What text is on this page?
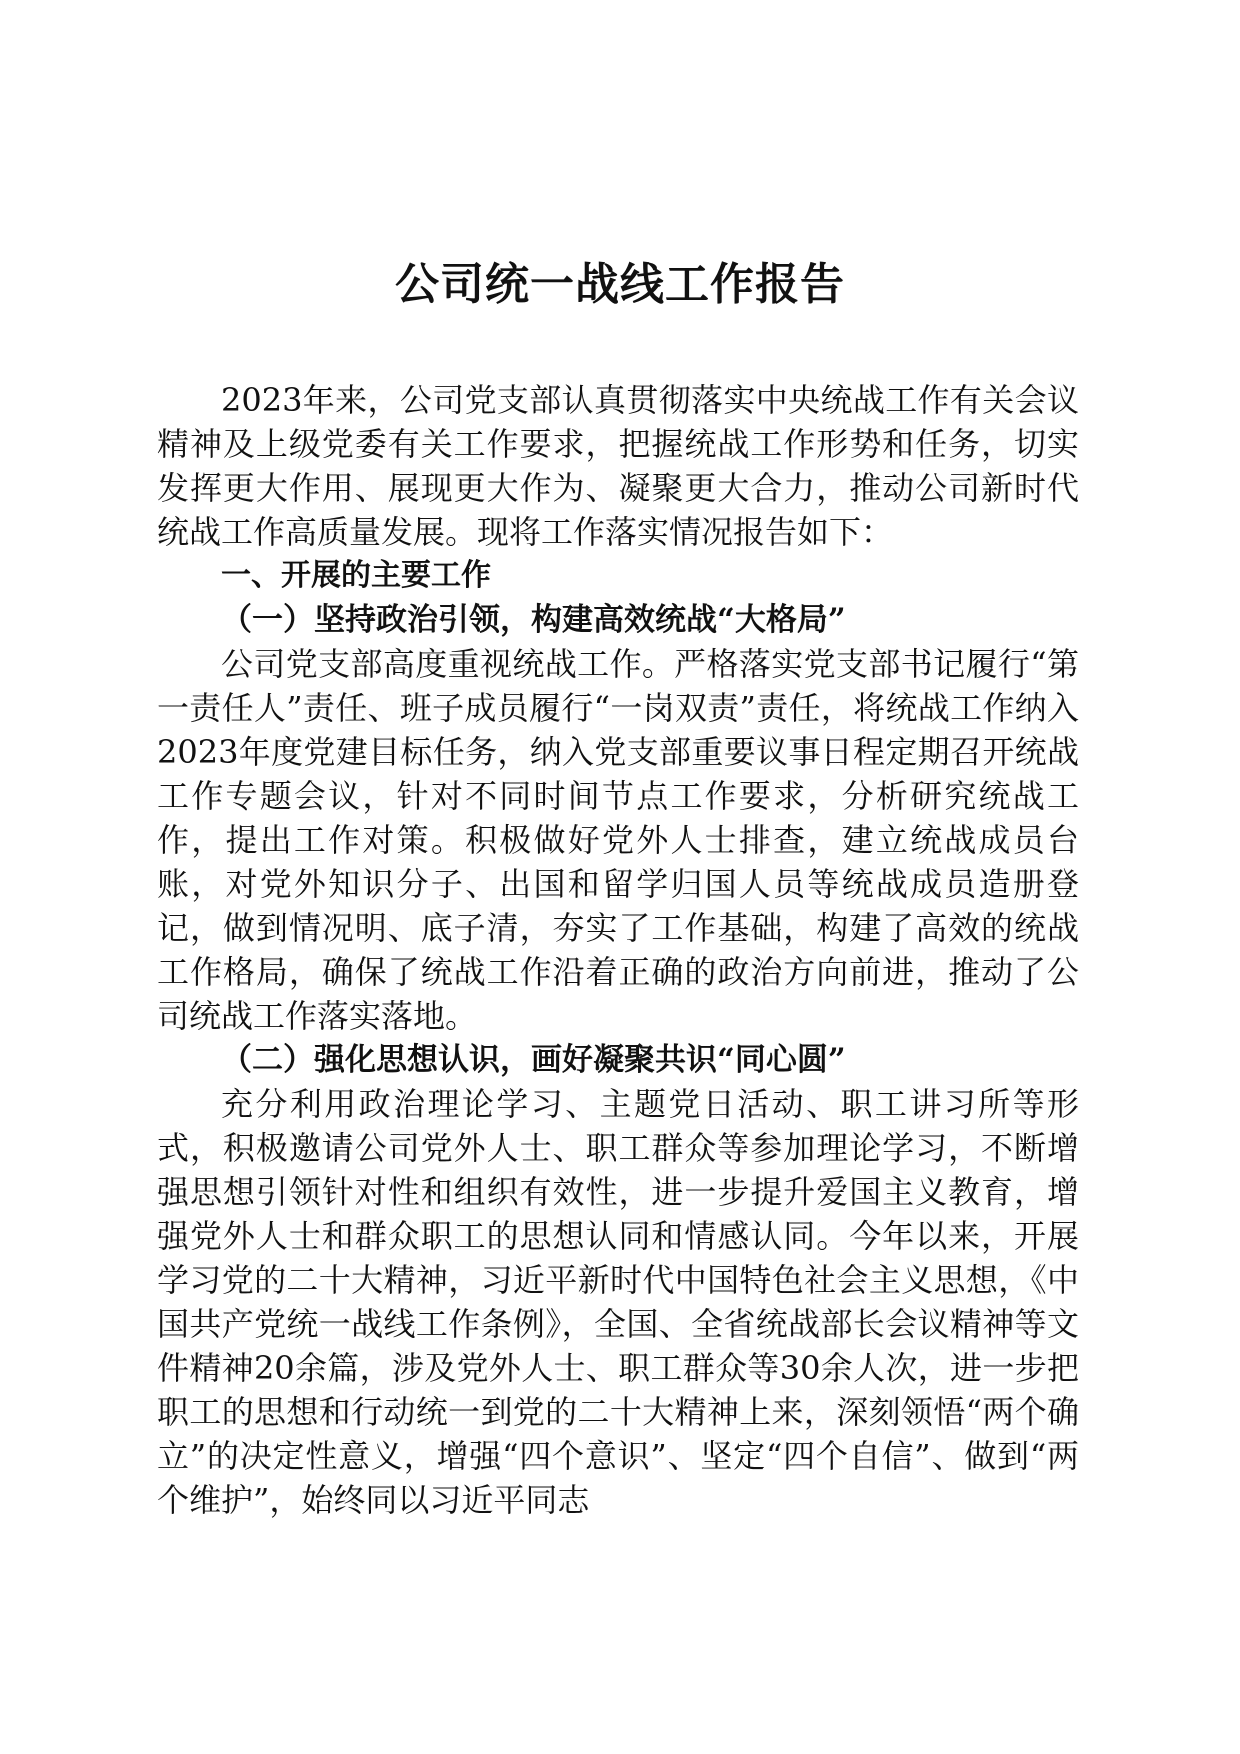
公司统一战线工作报告

2023年来，公司党支部认真贯彻落实中央统战工作有关会议精神及上级党委有关工作要求，把握统战工作形势和任务，切实发挥更大作用、展现更大作为、凝聚更大合力，推动公司新时代统战工作高质量发展。现将工作落实情况报告如下：

一、开展的主要工作

（一）坚持政治引领，构建高效统战“大格局”

公司党支部高度重视统战工作。严格落实党支部书记履行“第一责任人”责任、班子成员履行“一岗双责”责任，将统战工作纳入2023年度党建目标任务，纳入党支部重要议事日程定期召开统战工作专题会议，针对不同时间节点工作要求，分析研究统战工作，提出工作对策。积极做好党外人士排查，建立统战成员台账，对党外知识分子、出国和留学归国人员等统战成员造册登记，做到情况明、底子清，夯实了工作基础，构建了高效的统战工作格局，确保了统战工作沿着正确的政治方向前进，推动了公司统战工作落实落地。

（二）强化思想认识，画好凝聚共识“同心圆”

充分利用政治理论学习、主题党日活动、职工讲习所等形式，积极邀请公司党外人士、职工群众等参加理论学习，不断增强思想引领针对性和组织有效性，进一步提升爱国主义教育，增强党外人士和群众职工的思想认同和情感认同。今年以来，开展学习党的二十大精神，习近平新时代中国特色社会主义思想，《中国共产党统一战线工作条例》，全国、全省统战部长会议精神等文件精神20余篇，涉及党外人士、职工群众等30余人次，进一步把职工的思想和行动统一到党的二十大精神上来，深刻领悟“两个确立”的决定性意义，增强“四个意识”、坚定“四个自信”、做到“两个维护”，始终同以习近平同志
